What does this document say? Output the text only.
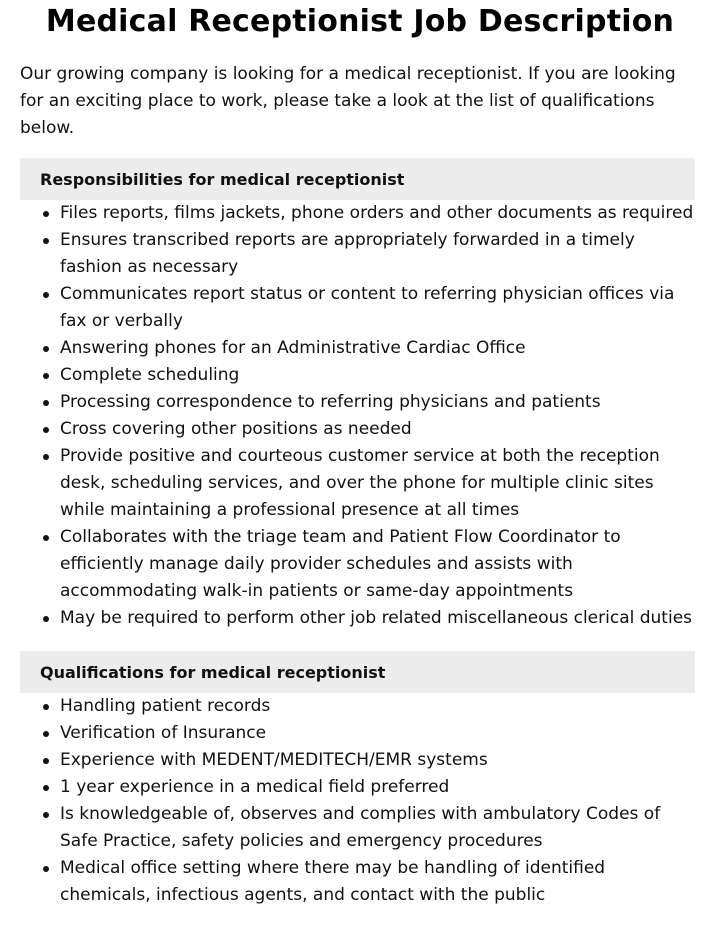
Medical Receptionist Job Description

Our growing company is looking for a medical receptionist. If you are looking for an exciting place to work, please take a look at the list of qualifications below.

Responsibilities for medical receptionist
Files reports, films jackets, phone orders and other documents as required
Ensures transcribed reports are appropriately forwarded in a timely fashion as necessary
Communicates report status or content to referring physician offices via fax or verbally
Answering phones for an Administrative Cardiac Office
Complete scheduling
Processing correspondence to referring physicians and patients
Cross covering other positions as needed
Provide positive and courteous customer service at both the reception desk, scheduling services, and over the phone for multiple clinic sites while maintaining a professional presence at all times
Collaborates with the triage team and Patient Flow Coordinator to efficiently manage daily provider schedules and assists with accommodating walk-in patients or same-day appointments
May be required to perform other job related miscellaneous clerical duties
Qualifications for medical receptionist
Handling patient records
Verification of Insurance
Experience with MEDENT/MEDITECH/EMR systems
1 year experience in a medical field preferred
Is knowledgeable of, observes and complies with ambulatory Codes of Safe Practice, safety policies and emergency procedures
Medical office setting where there may be handling of identified chemicals, infectious agents, and contact with the public
